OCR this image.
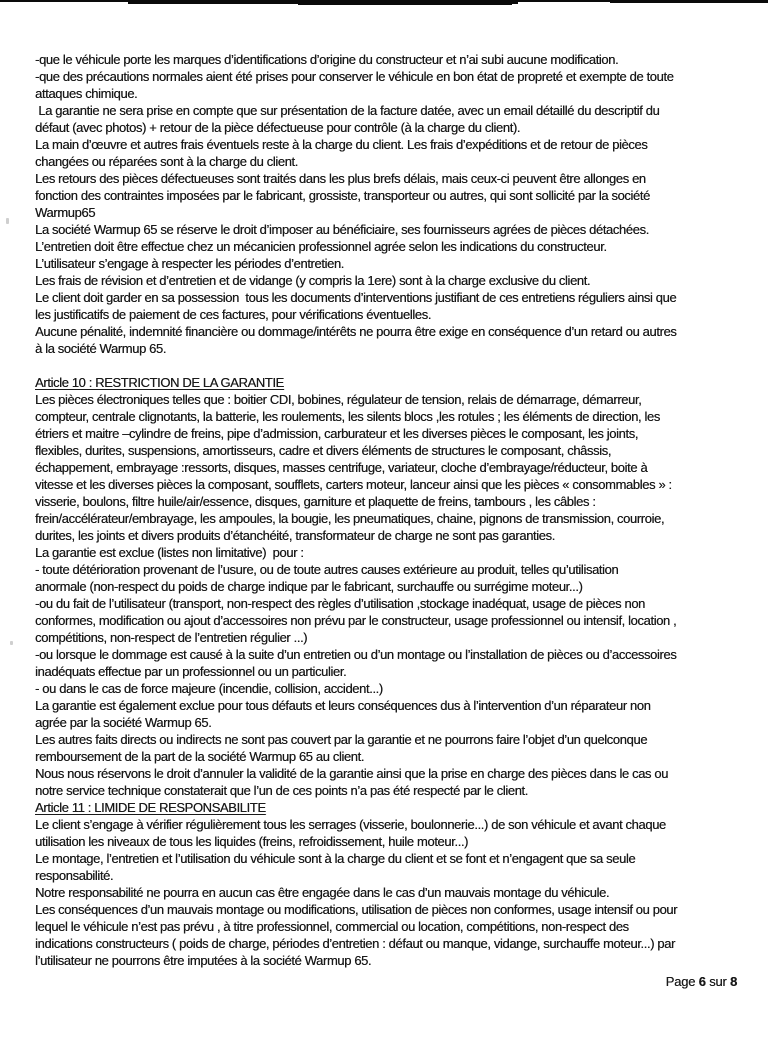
-que le véhicule porte les marques d’identifications d’origine du constructeur et n’ai subi aucune modification.
-que des précautions normales aient été prises pour conserver le véhicule en bon état de propreté et exempte de toute
attaques chimique.
La garantie ne sera prise en compte que sur présentation de la facture datée, avec un email détaillé du descriptif du
défaut (avec photos) + retour de la pièce défectueuse pour contrôle (à la charge du client).
La main d’œuvre et autres frais éventuels reste à la charge du client. Les frais d’expéditions et de retour de pièces
changées ou réparées sont à la charge du client.
Les retours des pièces défectueuses sont traités dans les plus brefs délais, mais ceux-ci peuvent être allonges en
fonction des contraintes imposées par le fabricant, grossiste, transporteur ou autres, qui sont sollicité par la société
Warmup65
La société Warmup 65 se réserve le droit d’imposer au bénéficiaire, ses fournisseurs agrées de pièces détachées.
L’entretien doit être effectue chez un mécanicien professionnel agrée selon les indications du constructeur.
L’utilisateur s’engage à respecter les périodes d’entretien.
Les frais de révision et d’entretien et de vidange (y compris la 1ere) sont à la charge exclusive du client.
Le client doit garder en sa possession  tous les documents d’interventions justifiant de ces entretiens réguliers ainsi que
les justificatifs de paiement de ces factures, pour vérifications éventuelles.
Aucune pénalité, indemnité financière ou dommage/intérêts ne pourra être exige en conséquence d’un retard ou autres
à la société Warmup 65.
Article 10 : RESTRICTION DE LA GARANTIE
Les pièces électroniques telles que : boitier CDI, bobines, régulateur de tension, relais de démarrage, démarreur,
compteur, centrale clignotants, la batterie, les roulements, les silents blocs ,les rotules ; les éléments de direction, les
étriers et maitre –cylindre de freins, pipe d’admission, carburateur et les diverses pièces le composant, les joints,
flexibles, durites, suspensions, amortisseurs, cadre et divers éléments de structures le composant, châssis,
échappement, embrayage :ressorts, disques, masses centrifuge, variateur, cloche d’embrayage/réducteur, boite à
vitesse et les diverses pièces la composant, soufflets, carters moteur, lanceur ainsi que les pièces « consommables » :
visserie, boulons, filtre huile/air/essence, disques, garniture et plaquette de freins, tambours , les câbles :
frein/accélérateur/embrayage, les ampoules, la bougie, les pneumatiques, chaine, pignons de transmission, courroie,
durites, les joints et divers produits d’étanchéité, transformateur de charge ne sont pas garanties.
La garantie est exclue (listes non limitative)  pour :
- toute détérioration provenant de l’usure, ou de toute autres causes extérieure au produit, telles qu’utilisation
anormale (non-respect du poids de charge indique par le fabricant, surchauffe ou surrégime moteur...)
-ou du fait de l’utilisateur (transport, non-respect des règles d’utilisation ,stockage inadéquat, usage de pièces non
conformes, modification ou ajout d’accessoires non prévu par le constructeur, usage professionnel ou intensif, location ,
compétitions, non-respect de l’entretien régulier ...)
-ou lorsque le dommage est causé à la suite d’un entretien ou d’un montage ou l’installation de pièces ou d’accessoires
inadéquats effectue par un professionnel ou un particulier.
- ou dans le cas de force majeure (incendie, collision, accident...)
La garantie est également exclue pour tous défauts et leurs conséquences dus à l’intervention d’un réparateur non
agrée par la société Warmup 65.
Les autres faits directs ou indirects ne sont pas couvert par la garantie et ne pourrons faire l’objet d’un quelconque
remboursement de la part de la société Warmup 65 au client.
Nous nous réservons le droit d’annuler la validité de la garantie ainsi que la prise en charge des pièces dans le cas ou
notre service technique constaterait que l’un de ces points n’a pas été respecté par le client.
Article 11 : LIMIDE DE RESPONSABILITE
Le client s’engage à vérifier régulièrement tous les serrages (visserie, boulonnerie...) de son véhicule et avant chaque
utilisation les niveaux de tous les liquides (freins, refroidissement, huile moteur...)
Le montage, l’entretien et l’utilisation du véhicule sont à la charge du client et se font et n’engagent que sa seule
responsabilité.
Notre responsabilité ne pourra en aucun cas être engagée dans le cas d’un mauvais montage du véhicule.
Les conséquences d’un mauvais montage ou modifications, utilisation de pièces non conformes, usage intensif ou pour
lequel le véhicule n’est pas prévu , à titre professionnel, commercial ou location, compétitions, non-respect des
indications constructeurs ( poids de charge, périodes d’entretien : défaut ou manque, vidange, surchauffe moteur...) par
l’utilisateur ne pourrons être imputées à la société Warmup 65.
Page 6 sur 8
